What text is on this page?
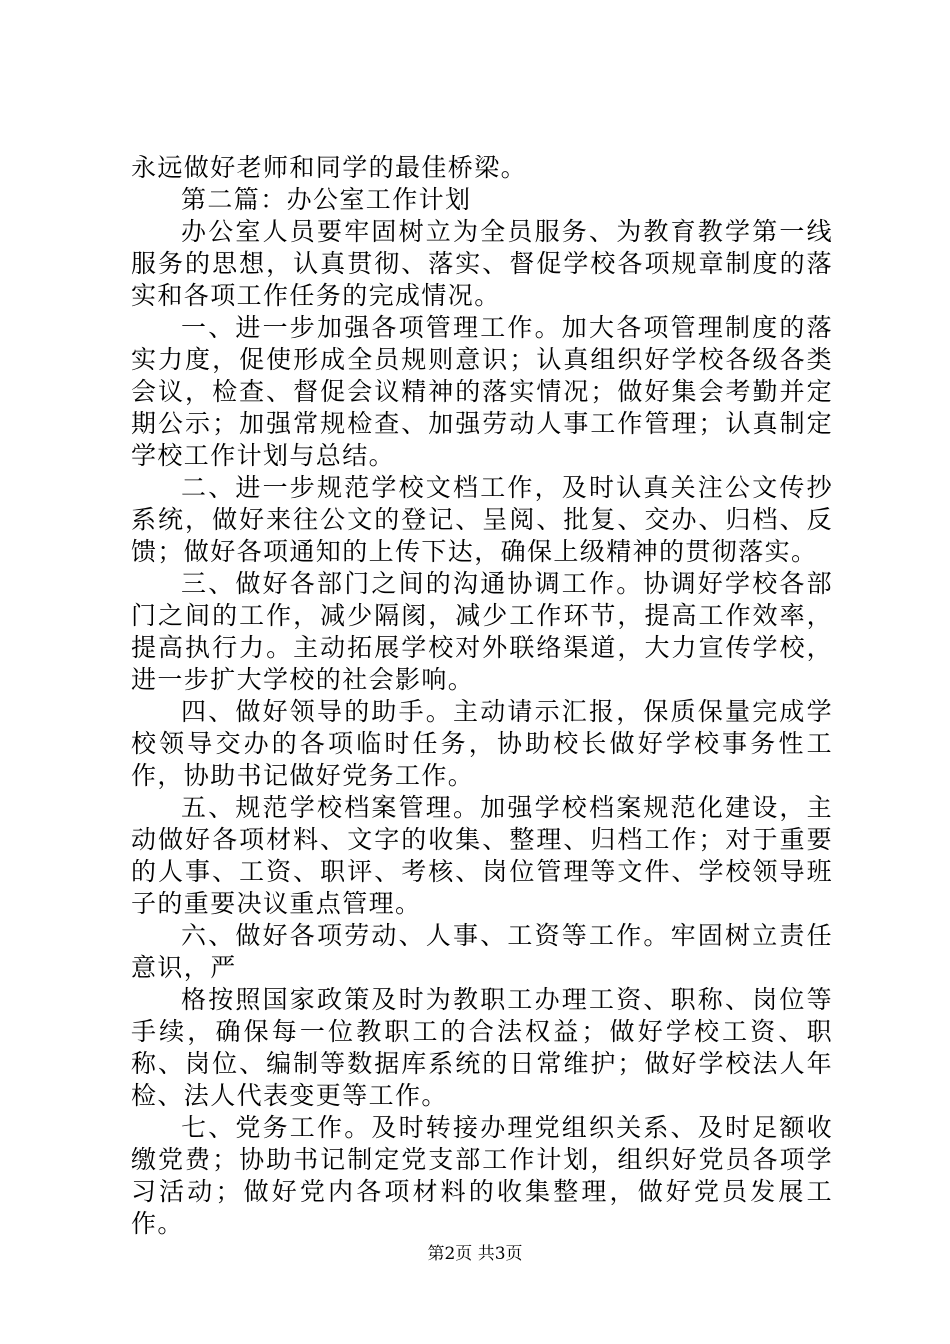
永远做好老师和同学的最佳桥梁。

第二篇：办公室工作计划

办公室人员要牢固树立为全员服务、为教育教学第一线服务的思想，认真贯彻、落实、督促学校各项规章制度的落实和各项工作任务的完成情况。

一、进一步加强各项管理工作。加大各项管理制度的落实力度，促使形成全员规则意识；认真组织好学校各级各类会议，检查、督促会议精神的落实情况；做好集会考勤并定期公示；加强常规检查、加强劳动人事工作管理；认真制定学校工作计划与总结。

二、进一步规范学校文档工作，及时认真关注公文传抄系统，做好来往公文的登记、呈阅、批复、交办、归档、反馈；做好各项通知的上传下达，确保上级精神的贯彻落实。

三、做好各部门之间的沟通协调工作。协调好学校各部门之间的工作，减少隔阂，减少工作环节，提高工作效率，提高执行力。主动拓展学校对外联络渠道，大力宣传学校，进一步扩大学校的社会影响。

四、做好领导的助手。主动请示汇报，保质保量完成学校领导交办的各项临时任务，协助校长做好学校事务性工作，协助书记做好党务工作。

五、规范学校档案管理。加强学校档案规范化建设，主动做好各项材料、文字的收集、整理、归档工作；对于重要的人事、工资、职评、考核、岗位管理等文件、学校领导班子的重要决议重点管理。

六、做好各项劳动、人事、工资等工作。牢固树立责任意识，严

格按照国家政策及时为教职工办理工资、职称、岗位等手续，确保每一位教职工的合法权益；做好学校工资、职称、岗位、编制等数据库系统的日常维护；做好学校法人年检、法人代表变更等工作。

七、党务工作。及时转接办理党组织关系、及时足额收缴党费；协助书记制定党支部工作计划，组织好党员各项学习活动；做好党内各项材料的收集整理，做好党员发展工作。

第2页 共3页
